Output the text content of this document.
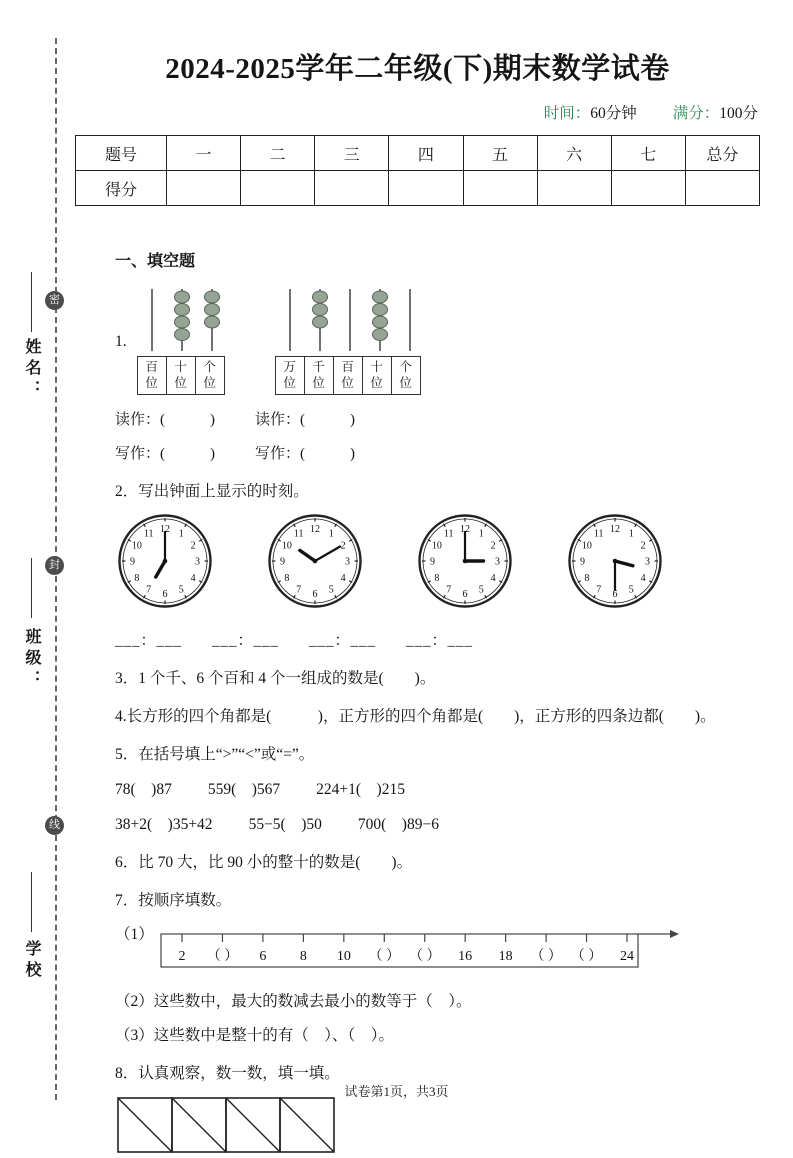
姓名：
密
封
线
班级：
学校
2024-2025学年二年级(下)期末数学试卷
时间：60分钟 满分：100分
题号	一	二	三	四	五	六	七	总分
得分								
一、填空题
1.
百
位
十
位
个
位
万
位
千
位
百
位
十
位
个
位
读作：(　　　)	读作：(　　　)
写作：(　　　)	写作：(　　　)
2．写出钟面上显示的时刻。
1
2
3
4
5
6
7
8
9
10
11 12	1
2
3
4
5
6
7
8
9
10
11 12	1
2
3
4
5
6
7
8
9
10
11 12	1
2
3
4
5
6
7
8
9
10
11 12
___：___ ___：___ ___：___ ___：___
3．1 个千、6 个百和 4 个一组成的数是(　　)。
4.长方形的四个角都是(　　　)，正方形的四个角都是(　　)，正方形的四条边都(　　)。
5．在括号填上“>”“<”或“=”。
78(　)87 559(　)567 224+1(　)215
38+2(　)35+42 55−5(　)50 700(　)89−6
6．比 70 大，比 90 小的整十的数是(　　)。
7．按顺序填数。
（1）
2 （ ） 6 8 10 （ ） （ ） 16 18 （ ） （ ） 24
（2）这些数中，最大的数减去最小的数等于（　）。
（3）这些数中是整十的有（　）、（　）。
8．认真观察，数一数，填一填。
试卷第1页，共3页
